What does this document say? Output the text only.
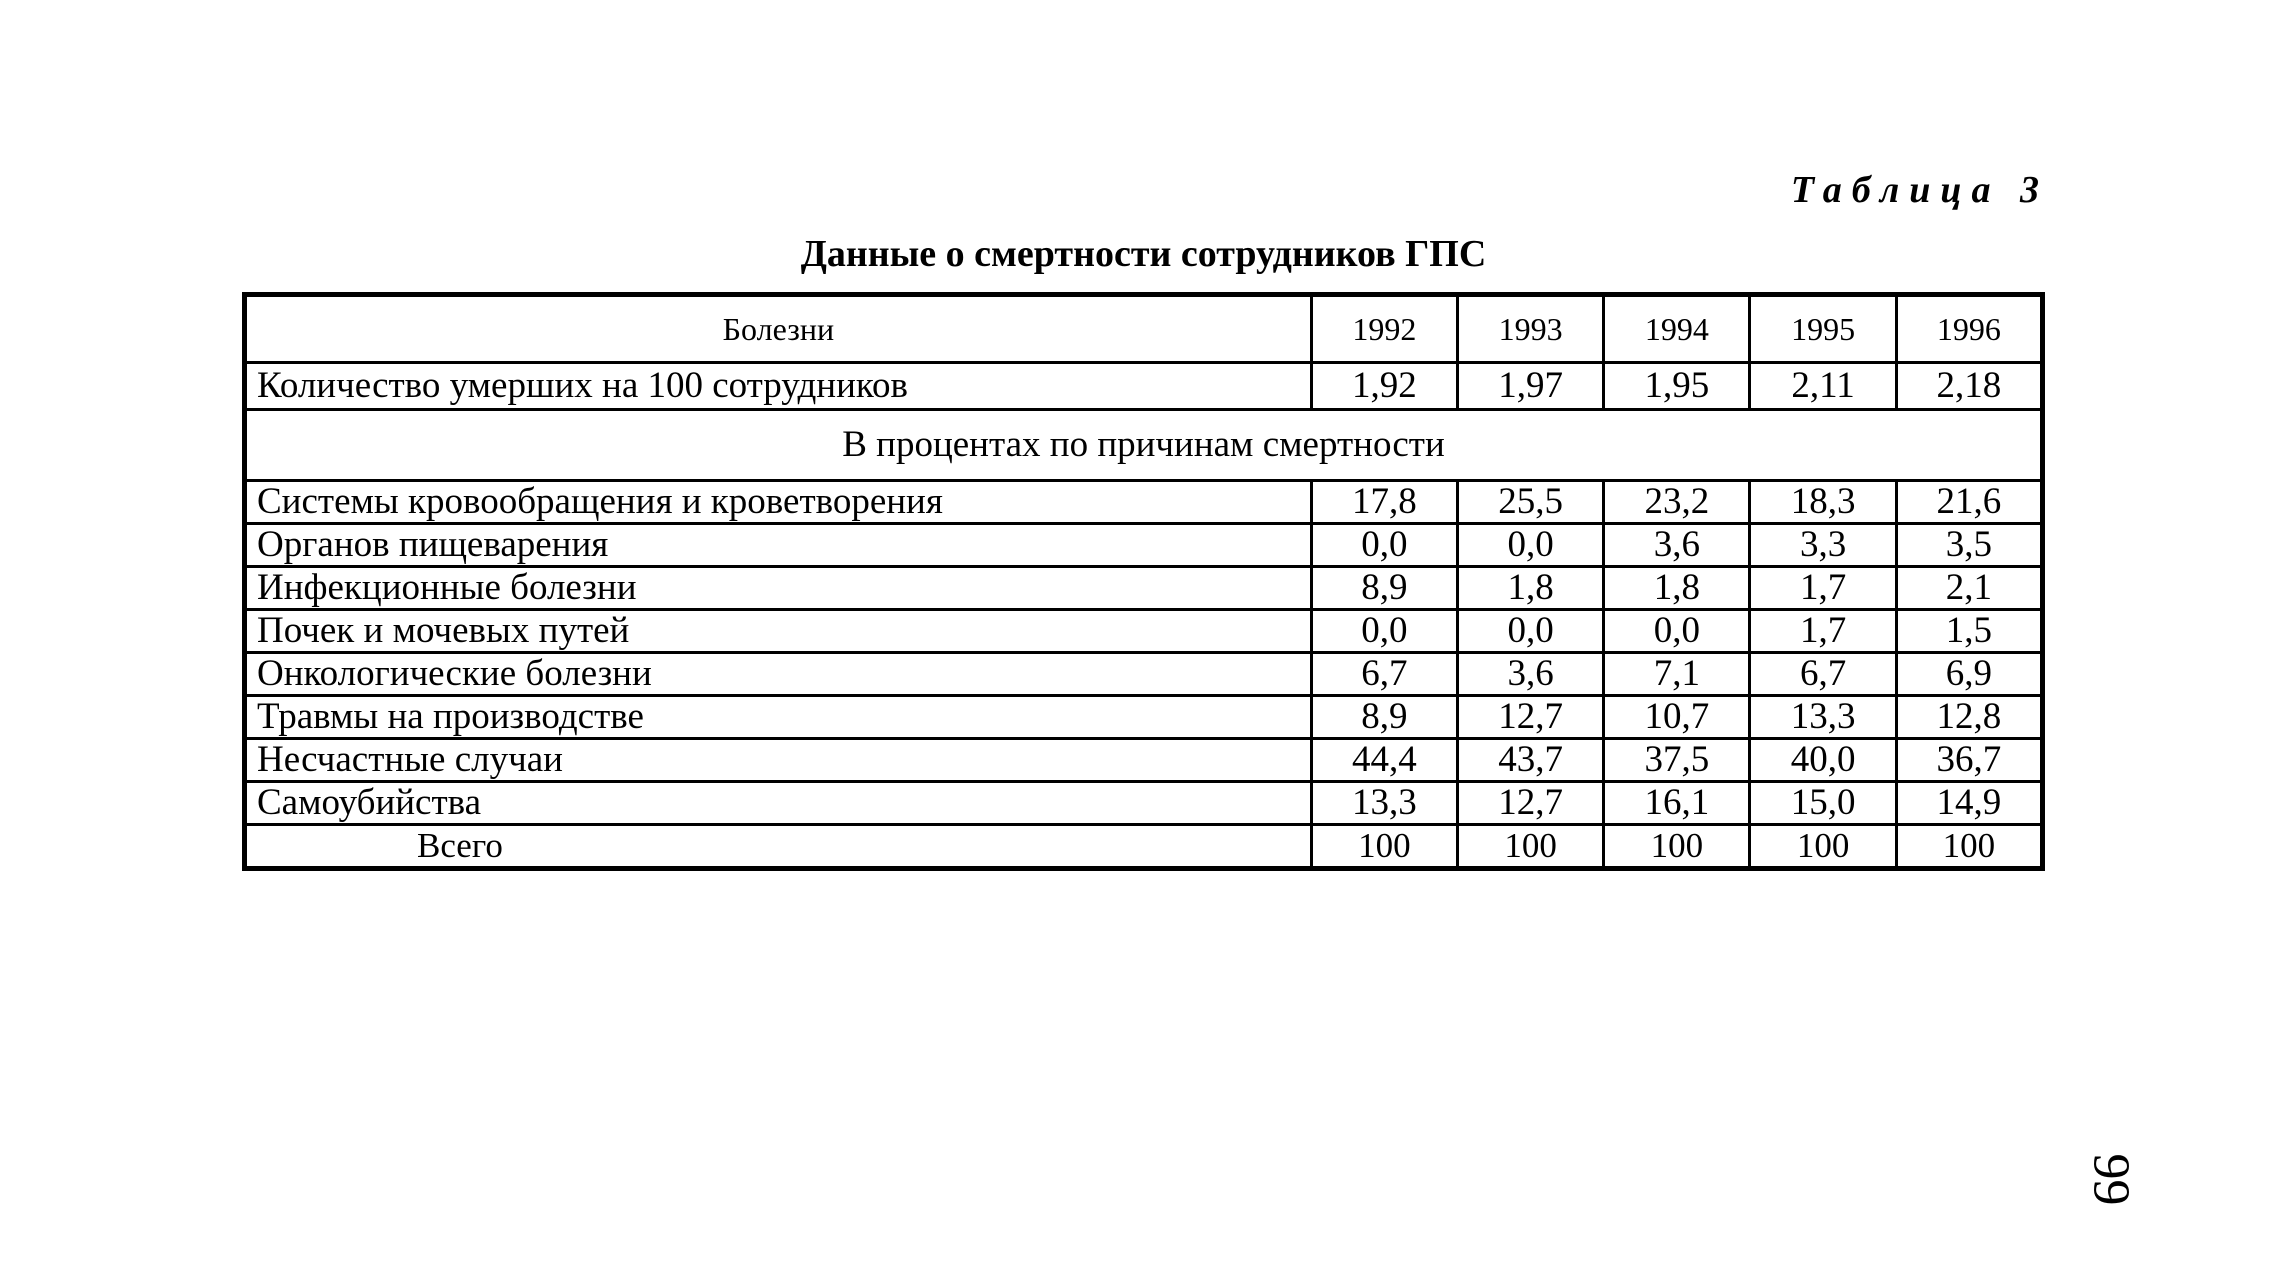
Таблица 3
Данные о смертности сотрудников ГПС
Болезни	1992	1993	1994	1995	1996
Количество умерших на 100 сотрудников	1,92	1,97	1,95	2,11	2,18
В процентах по причинам смертности					
Системы кровообращения и кроветворения	17,8	25,5	23,2	18,3	21,6
Органов пищеварения	0,0	0,0	3,6	3,3	3,5
Инфекционные болезни	8,9	1,8	1,8	1,7	2,1
Почек и мочевых путей	0,0	0,0	0,0	1,7	1,5
Онкологические болезни	6,7	3,6	7,1	6,7	6,9
Травмы на производстве	8,9	12,7	10,7	13,3	12,8
Несчастные случаи	44,4	43,7	37,5	40,0	36,7
Самоубийства	13,3	12,7	16,1	15,0	14,9
Всего	100	100	100	100	100
99
